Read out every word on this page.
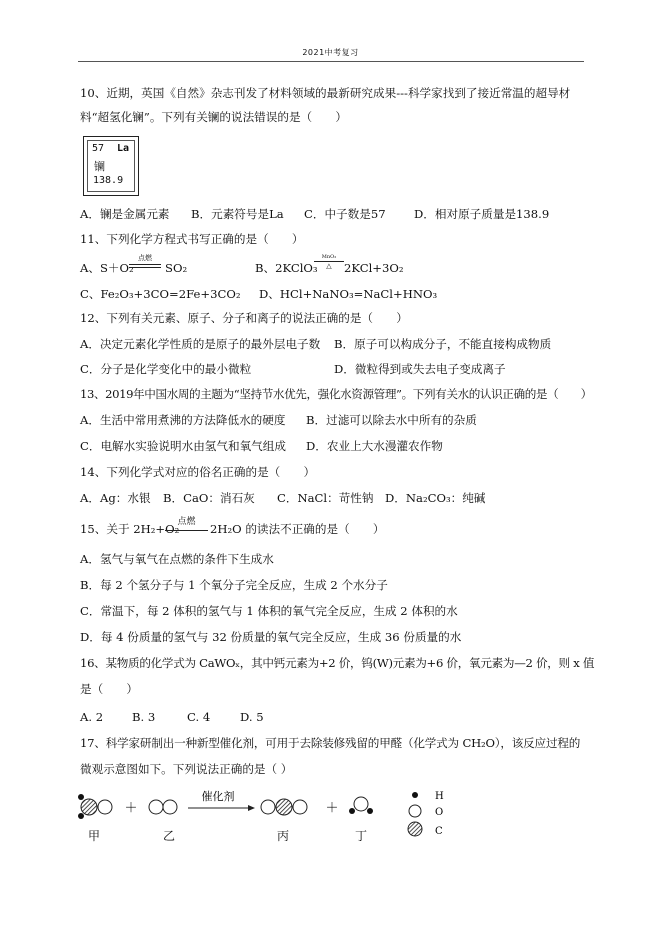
2021中考复习
10、近期，英国《自然》杂志刊发了材料领域的最新研究成果---科学家找到了接近常温的超导材
料“超氢化镧”。下列有关镧的说法错误的是（　　）
57 La
镧
138.9
A．镧是金属元素 B．元素符号是La C．中子数是57 D．相对原子质量是138.9
11、下列化学方程式书写正确的是（　　）
A、S＋O₂
点燃
SO₂	B、2KClO₃
MnO₂
△	2KCl+3O₂
C、Fe₂O₃+3CO=2Fe+3CO₂ D、HCl+NaNO₃=NaCl+HNO₃
12、下列有关元素、原子、分子和离子的说法正确的是（　　）
A．决定元素化学性质的是原子的最外层电子数 B．原子可以构成分子，不能直接构成物质
C．分子是化学变化中的最小微粒	D．微粒得到或失去电子变成离子
13、2019年中国水周的主题为“坚持节水优先，强化水资源管理”。下列有关水的认识正确的是（　　）
A．生活中常用煮沸的方法降低水的硬度 B．过滤可以除去水中所有的杂质
C．电解水实验说明水由氢气和氧气组成 D．农业上大水漫灌农作物
14、下列化学式对应的俗名正确的是（　　）
A．Ag：水银 B．CaO：消石灰 C．NaCl：苛性钠 D．Na₂CO₃：纯碱
15、关于 2H₂+O₂
点燃	2H₂O 的读法不正确的是（　　）
A．氢气与氧气在点燃的条件下生成水
B．每 2 个氢分子与 1 个氧分子完全反应，生成 2 个水分子
C．常温下，每 2 体积的氢气与 1 体积的氧气完全反应，生成 2 体积的水
D．每 4 份质量的氢气与 32 份质量的氧气完全反应，生成 36 份质量的水
16、某物质的化学式为 CaWOₓ，其中钙元素为+2 价，钨(W)元素为+6 价，氧元素为—2 价，则 x 值
是（　　）
A. 2 B. 3	C. 4	D. 5
17、科学家研制出一种新型催化剂，可用于去除装修残留的甲醛（化学式为 CH₂O），该反应过程的
微观示意图如下。下列说法正确的是（ ）
＋
催化剂
＋
H
O
C
甲	乙	丙	丁
